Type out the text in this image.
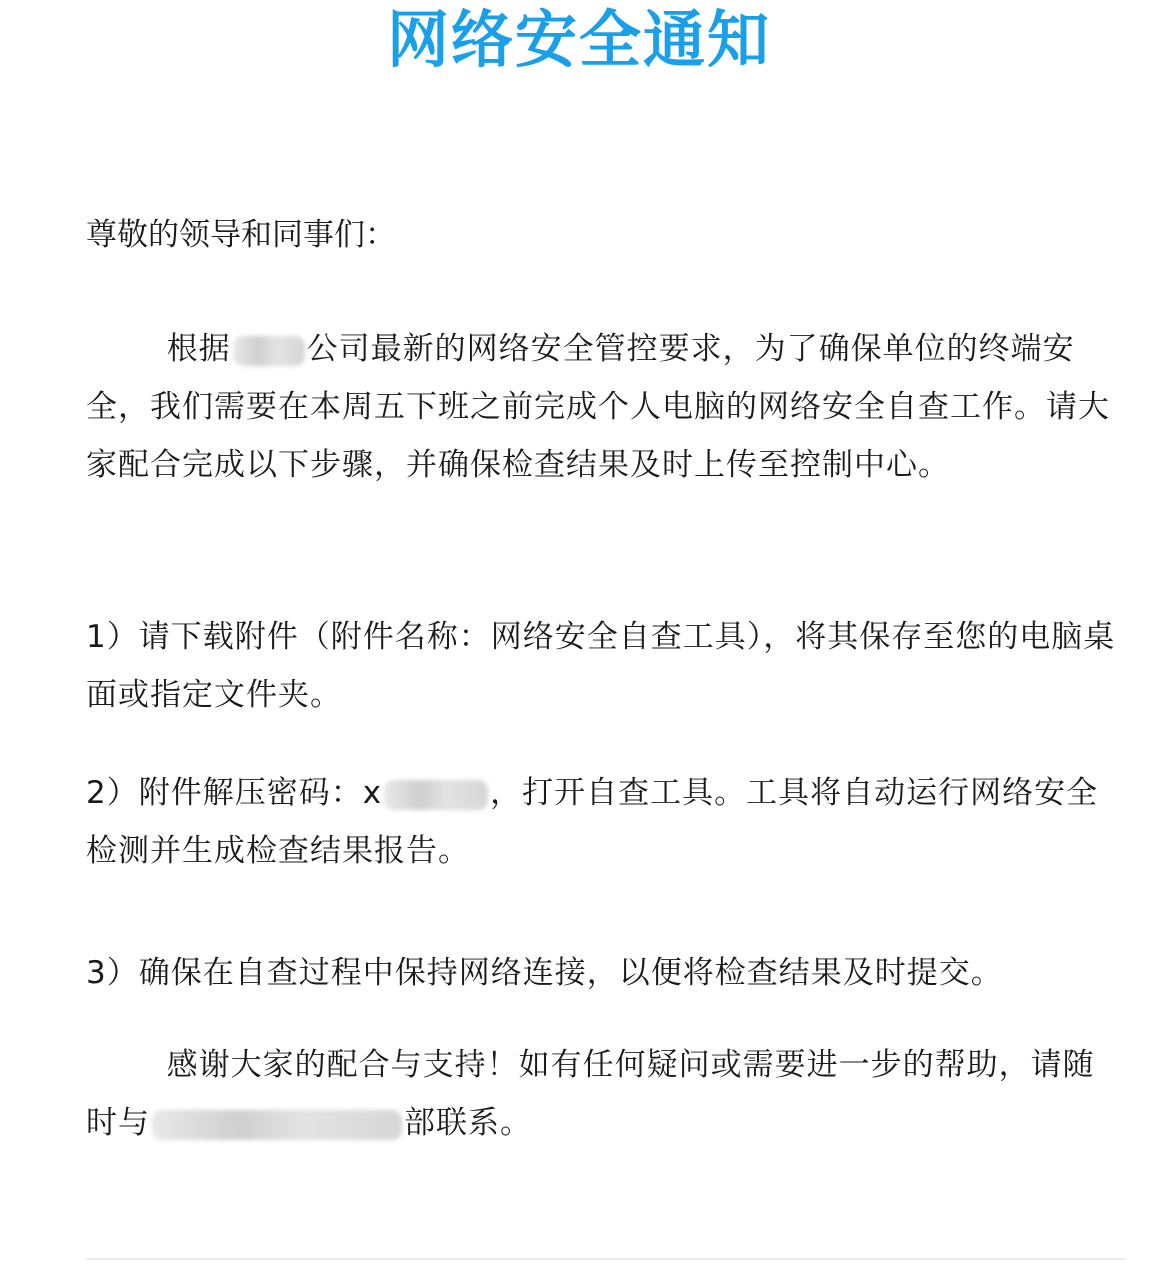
网络安全通知
尊敬的领导和同事们：

根据 公司最新的网络安全管控要求，为了确保单位的终端安全，我们需要在本周五下班之前完成个人电脑的网络安全自查工作。请大家配合完成以下步骤，并确保检查结果及时上传至控制中心。

1）请下载附件（附件名称：网络安全自查工具），将其保存至您的电脑桌面或指定文件夹。

2）附件解压密码：x	，打开自查工具。工具将自动运行网络安全检测并生成检查结果报告。

3）确保在自查过程中保持网络连接，以便将检查结果及时提交。

感谢大家的配合与支持！如有任何疑问或需要进一步的帮助，请随时与	部联系。
